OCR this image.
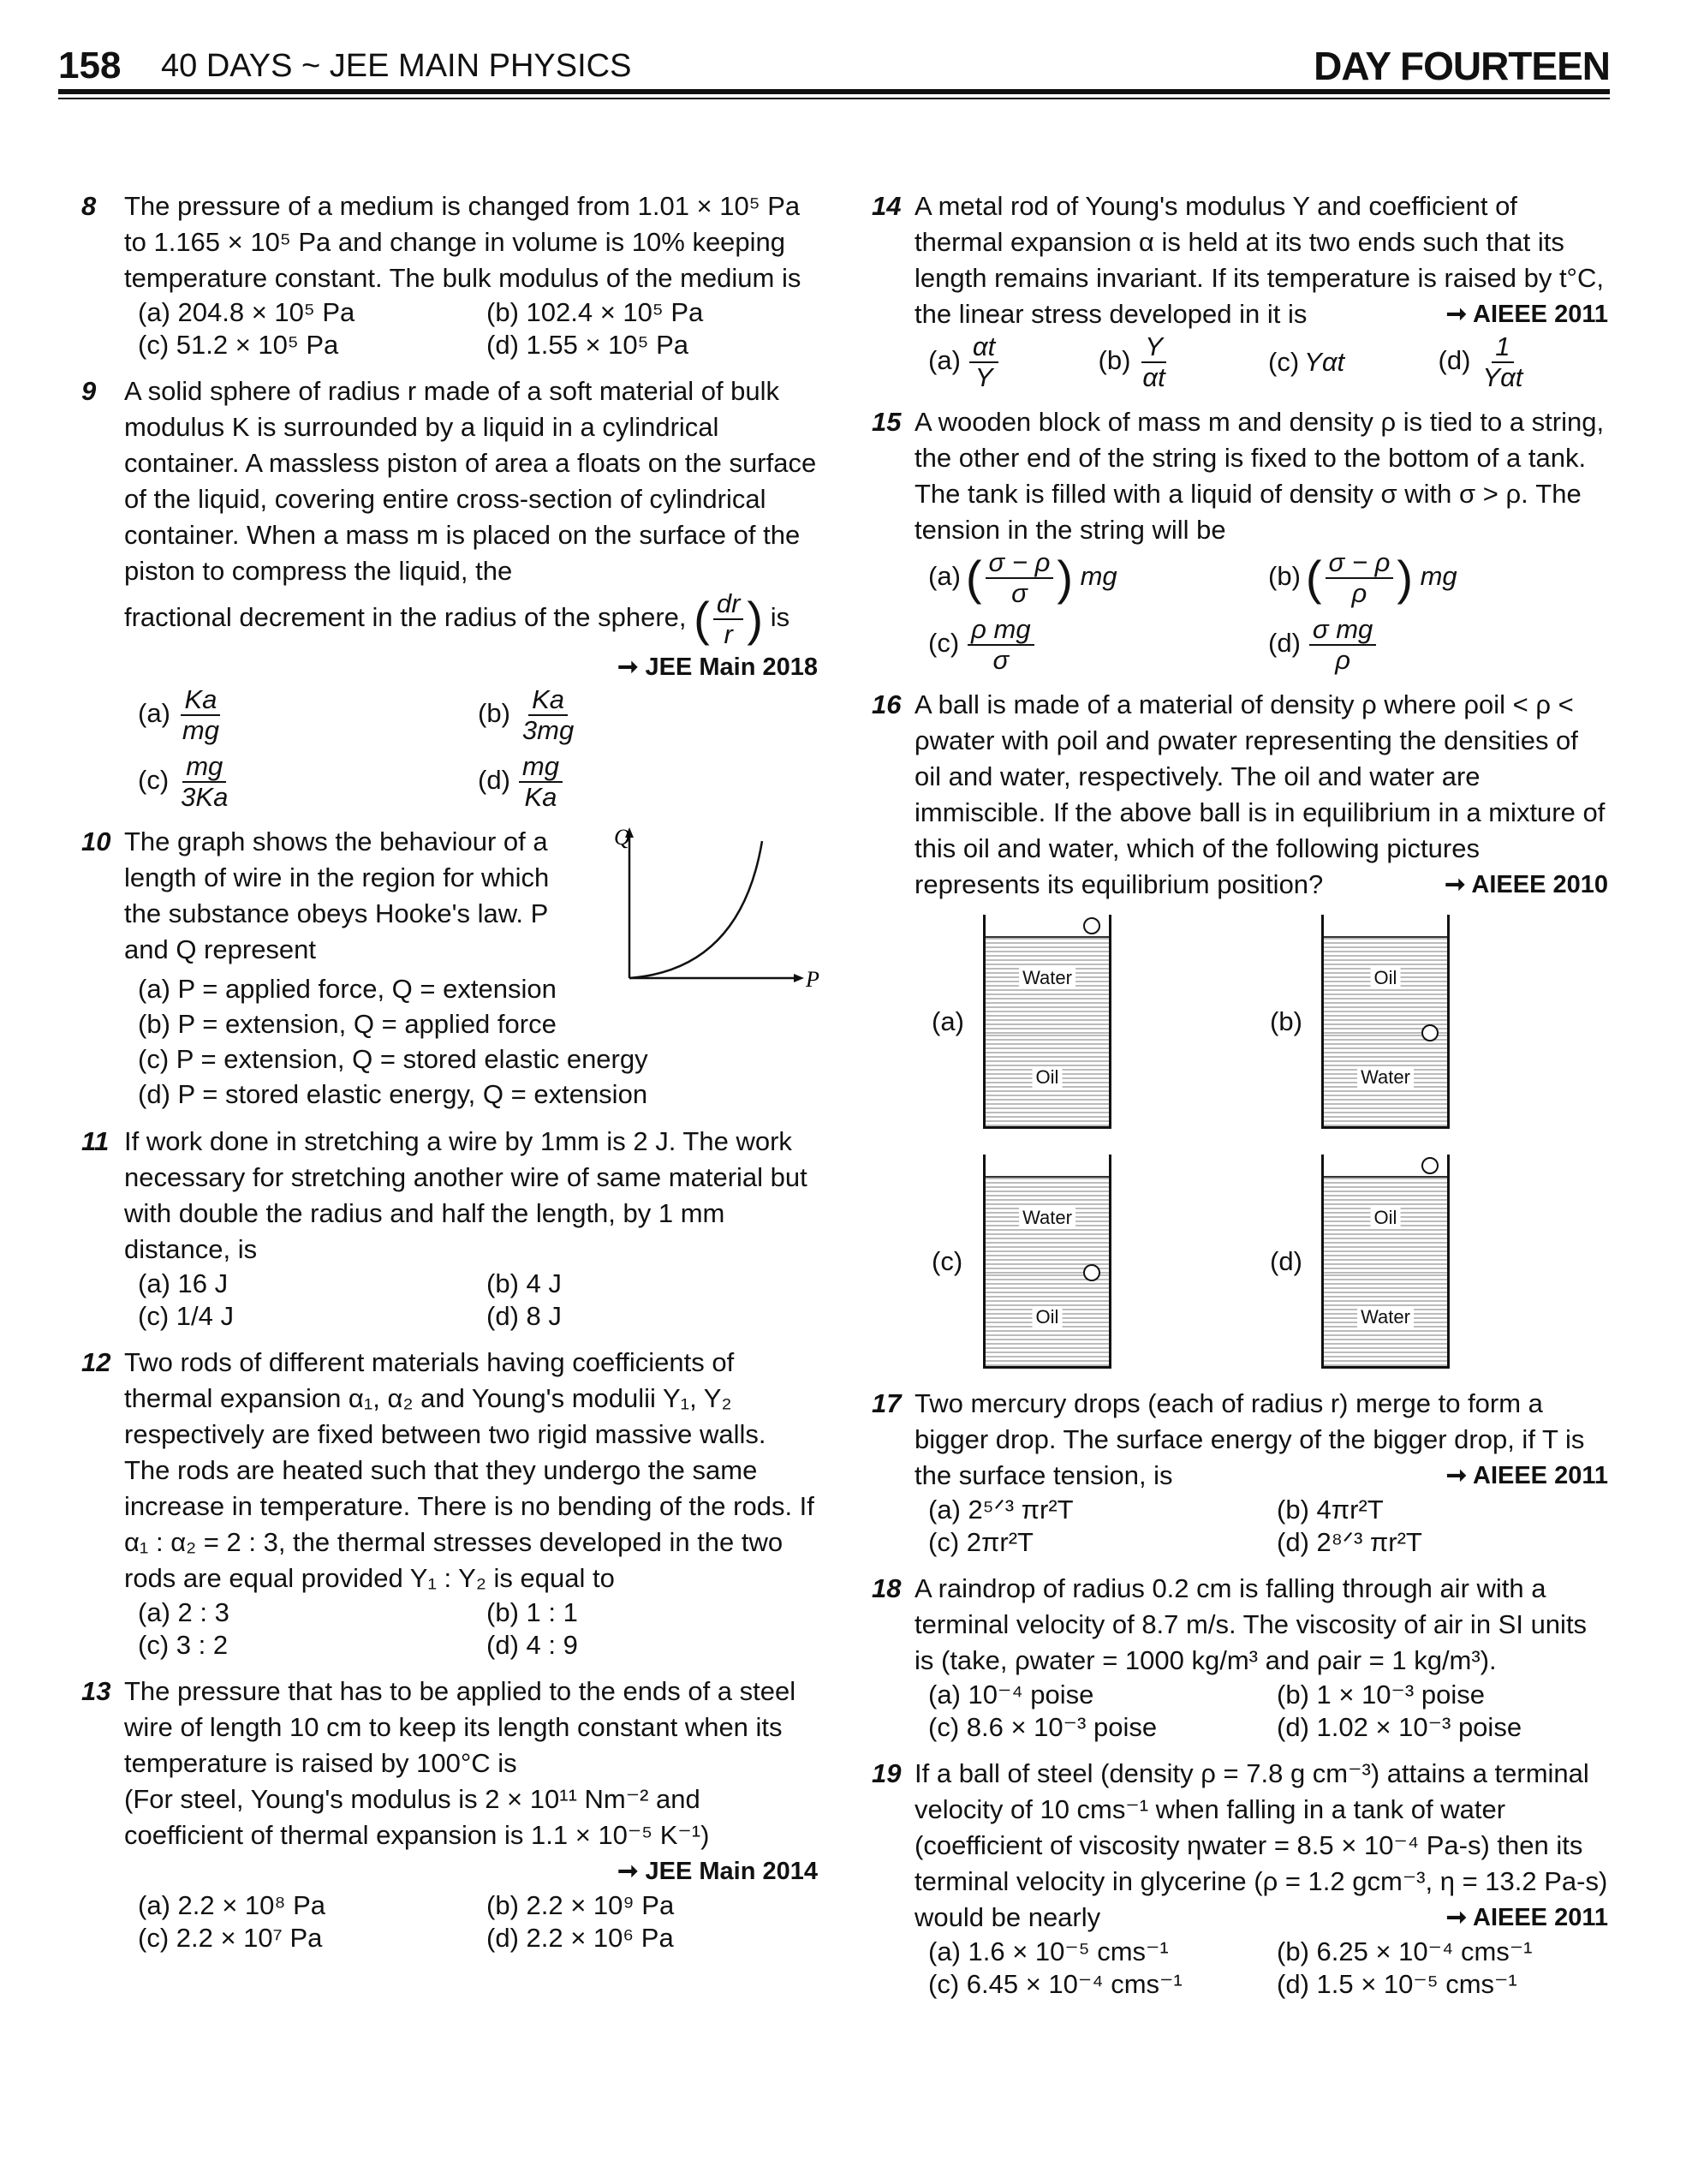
158 40 DAYS ~ JEE MAIN PHYSICS	DAY FOURTEEN
8 The pressure of a medium is changed from 1.01 × 10⁵ Pa to 1.165 × 10⁵ Pa and change in volume is 10% keeping temperature constant. The bulk modulus of the medium is
(a) 204.8 × 10⁵ Pa	(b) 102.4 × 10⁵ Pa
(c) 51.2 × 10⁵ Pa	(d) 1.55 × 10⁵ Pa
9 A solid sphere of radius r made of a soft material of bulk modulus K is surrounded by a liquid in a cylindrical container. A massless piston of area a floats on the surface of the liquid, covering entire cross-section of cylindrical container. When a mass m is placed on the surface of the piston to compress the liquid, the
fractional decrement in the radius of the sphere, ( $\frac{dr}{r}$ ) is
➞ JEE Main 2018
$(a) \frac{Ka}{mg}$	$(b) \frac{Ka}{3mg}$
$(c) \frac{mg}{3Ka}$	$(d) \frac{mg}{Ka}$
10 The graph shows the behaviour of a length of wire in the region for which the substance obeys Hooke's law. P and Q represent
Q
P
(a) P = applied force, Q = extension
(b) P = extension, Q = applied force
(c) P = extension, Q = stored elastic energy
(d) P = stored elastic energy, Q = extension
11 If work done in stretching a wire by 1mm is 2 J. The work necessary for stretching another wire of same material but with double the radius and half the length, by 1 mm distance, is
(a) 16 J	(b) 4 J
(c) 1/4 J	(d) 8 J
12 Two rods of different materials having coefficients of thermal expansion α₁, α₂ and Young's modulii Y₁, Y₂ respectively are fixed between two rigid massive walls. The rods are heated such that they undergo the same increase in temperature. There is no bending of the rods. If α₁ : α₂ = 2 : 3, the thermal stresses developed in the two rods are equal provided Y₁ : Y₂ is equal to
(a) 2 : 3	(b) 1 : 1
(c) 3 : 2	(d) 4 : 9
13 The pressure that has to be applied to the ends of a steel wire of length 10 cm to keep its length constant when its temperature is raised by 100°C is
(For steel, Young's modulus is 2 × 10¹¹ Nm⁻² and coefficient of thermal expansion is 1.1 × 10⁻⁵ K⁻¹)
➞ JEE Main 2014
(a) 2.2 × 10⁸ Pa	(b) 2.2 × 10⁹ Pa
(c) 2.2 × 10⁷ Pa	(d) 2.2 × 10⁶ Pa
14 A metal rod of Young's modulus Y and coefficient of thermal expansion α is held at its two ends such that its length remains invariant. If its temperature is raised by t°C, the linear stress developed in it is	➞ AIEEE 2011
$(a) \frac{\alpha t}{Y}$	$(b) \frac{Y}{\alpha t}$	(c) Yαt	$(d) \frac{1}{\text{Yαt}}$
15 A wooden block of mass m and density ρ is tied to a string, the other end of the string is fixed to the bottom of a tank. The tank is filled with a liquid of density σ with σ > ρ. The tension in the string will be
(a) ( $\frac{\sigma - \rho}{\sigma}$ ) mg	(b) ( $\frac{\sigma - \rho}{\rho}$ ) mg
$(c) \frac{\text{ρ mg}}{\sigma}$	$(d) \frac{\text{σ mg}}{\rho}$
16 A ball is made of a material of density ρ where ρoil < ρ < ρwater with ρoil and ρwater representing the densities of oil and water, respectively. The oil and water are immiscible. If the above ball is in equilibrium in a mixture of this oil and water, which of the following pictures represents its equilibrium position?	➞ AIEEE 2010
(a)
Water
Oil
(b)
Oil
Water
(c)
Water
Oil
(d)
Oil
Water
17 Two mercury drops (each of radius r) merge to form a bigger drop. The surface energy of the bigger drop, if T is the surface tension, is	➞ AIEEE 2011
(a) 2⁵ᐟ³ πr²T	(b) 4πr²T
(c) 2πr²T	(d) 2⁸ᐟ³ πr²T
18 A raindrop of radius 0.2 cm is falling through air with a terminal velocity of 8.7 m/s. The viscosity of air in SI units is (take, ρwater = 1000 kg/m³ and ρair = 1 kg/m³).
(a) 10⁻⁴ poise	(b) 1 × 10⁻³ poise
(c) 8.6 × 10⁻³ poise	(d) 1.02 × 10⁻³ poise
19 If a ball of steel (density ρ = 7.8 g cm⁻³) attains a terminal velocity of 10 cms⁻¹ when falling in a tank of water (coefficient of viscosity ηwater = 8.5 × 10⁻⁴ Pa-s) then its terminal velocity in glycerine (ρ = 1.2 gcm⁻³, η = 13.2 Pa-s) would be nearly	➞ AIEEE 2011
(a) 1.6 × 10⁻⁵ cms⁻¹	(b) 6.25 × 10⁻⁴ cms⁻¹
(c) 6.45 × 10⁻⁴ cms⁻¹	(d) 1.5 × 10⁻⁵ cms⁻¹
